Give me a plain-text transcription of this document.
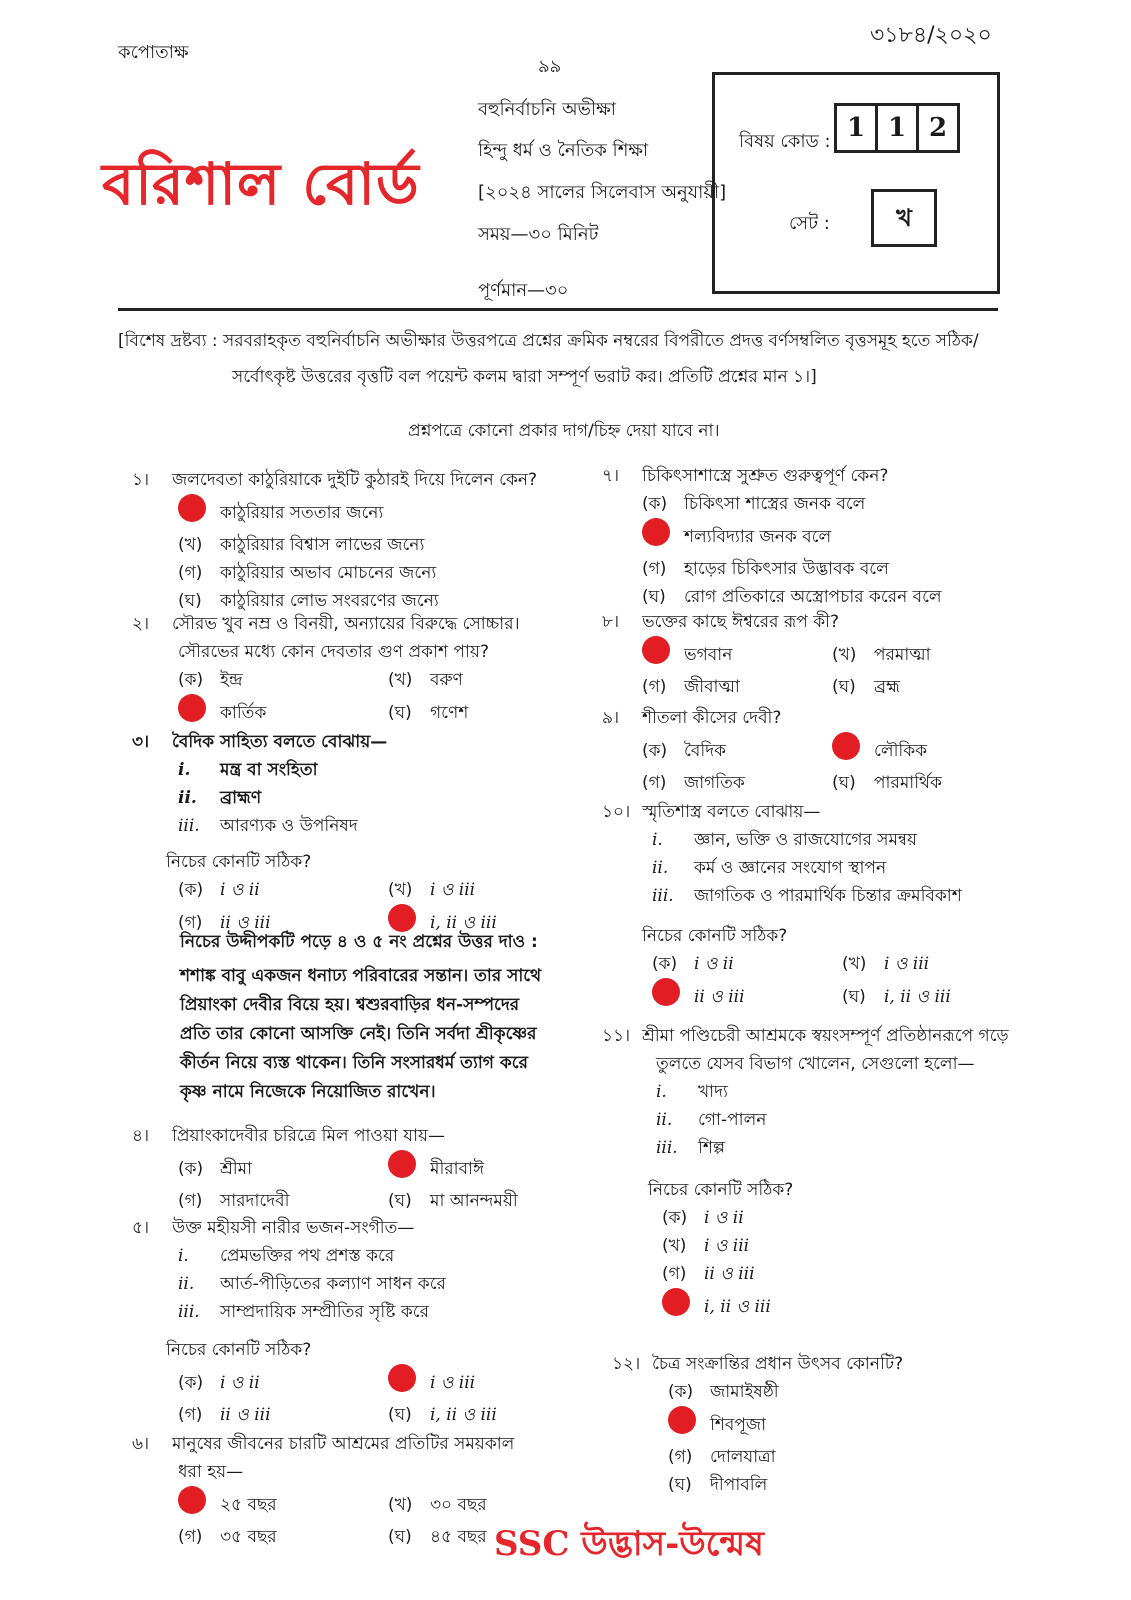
কপোতাক্ষ
৯৯
৩১৮৪/২০২০
বরিশাল বোর্ড
বহুনির্বাচনি অভীক্ষা
হিন্দু ধর্ম ও নৈতিক শিক্ষা
[২০২৪ সালের সিলেবাস অনুযায়ী]
সময়—৩০ মিনিট
পূর্ণমান—৩০
বিষয় কোড : 1 1 2
সেট :	খ
[বিশেষ দ্রষ্টব্য : সরবরাহকৃত বহুনির্বাচনি অভীক্ষার উত্তরপত্রে প্রশ্নের ক্রমিক নম্বরের বিপরীতে প্রদত্ত বর্ণসম্বলিত বৃত্তসমূহ হতে সঠিক/
সর্বোৎকৃষ্ট উত্তরের বৃত্তটি বল পয়েন্ট কলম দ্বারা সম্পূর্ণ ভরাট কর। প্রতিটি প্রশ্নের মান ১।]
প্রশ্নপত্রে কোনো প্রকার দাগ/চিহ্ন দেয়া যাবে না।
১। জলদেবতা কাঠুরিয়াকে দুইটি কুঠারই দিয়ে দিলেন কেন?
কাঠুরিয়ার সততার জন্যে
(খ) কাঠুরিয়ার বিশ্বাস লাভের জন্যে
(গ) কাঠুরিয়ার অভাব মোচনের জন্যে
(ঘ) কাঠুরিয়ার লোভ সংবরণের জন্যে
২। সৌরভ খুব নম্র ও বিনয়ী, অন্যায়ের বিরুদ্ধে সোচ্চার।
সৌরভের মধ্যে কোন দেবতার গুণ প্রকাশ পায়?
(ক) ইন্দ্র	(খ) বরুণ
কার্তিক	(ঘ) গণেশ
৩। বৈদিক সাহিত্য বলতে বোঝায়—
i. মন্ত্র বা সংহিতা
ii. ব্রাহ্মণ
iii. আরণ্যক ও উপনিষদ
নিচের কোনটি সঠিক?
(ক) i ও ii	(খ) i ও iii
(গ) ii ও iii	i, ii ও iii
নিচের উদ্দীপকটি পড়ে ৪ ও ৫ নং প্রশ্নের উত্তর দাও :
শশাঙ্ক বাবু একজন ধনাঢ্য পরিবারের সন্তান। তার সাথে
প্রিয়াংকা দেবীর বিয়ে হয়। শ্বশুরবাড়ির ধন-সম্পদের
প্রতি তার কোনো আসক্তি নেই। তিনি সর্বদা শ্রীকৃষ্ণের
কীর্তন নিয়ে ব্যস্ত থাকেন। তিনি সংসারধর্ম ত্যাগ করে
কৃষ্ণ নামে নিজেকে নিয়োজিত রাখেন।
৪। প্রিয়াংকাদেবীর চরিত্রে মিল পাওয়া যায়—
(ক) শ্রীমা	মীরাবাঈ
(গ) সারদাদেবী	(ঘ) মা আনন্দময়ী
৫। উক্ত মহীয়সী নারীর ভজন-সংগীত—
i. প্রেমভক্তির পথ প্রশস্ত করে
ii. আর্ত-পীড়িতের কল্যাণ সাধন করে
iii. সাম্প্রদায়িক সম্প্রীতির সৃষ্টি করে
নিচের কোনটি সঠিক?
(ক) i ও ii	i ও iii
(গ) ii ও iii	(ঘ) i, ii ও iii
৬। মানুষের জীবনের চারটি আশ্রমের প্রতিটির সময়কাল
ধরা হয়—
২৫ বছর	(খ) ৩০ বছর
(গ) ৩৫ বছর	(ঘ) ৪৫ বছর
৭। চিকিৎসাশাস্ত্রে সুশ্রুত গুরুত্বপূর্ণ কেন?
(ক) চিকিৎসা শাস্ত্রের জনক বলে
শল্যবিদ্যার জনক বলে
(গ) হাড়ের চিকিৎসার উদ্ভাবক বলে
(ঘ) রোগ প্রতিকারে অস্ত্রোপচার করেন বলে
৮। ভক্তের কাছে ঈশ্বরের রূপ কী?
ভগবান	(খ) পরমাত্মা
(গ) জীবাত্মা	(ঘ) ব্রহ্ম
৯। শীতলা কীসের দেবী?
(ক) বৈদিক	লৌকিক
(গ) জাগতিক	(ঘ) পারমার্থিক
১০। স্মৃতিশাস্ত্র বলতে বোঝায়—
i. জ্ঞান, ভক্তি ও রাজযোগের সমন্বয়
ii. কর্ম ও জ্ঞানের সংযোগ স্থাপন
iii. জাগতিক ও পারমার্থিক চিন্তার ক্রমবিকাশ
নিচের কোনটি সঠিক?
(ক) i ও ii	(খ) i ও iii
ii ও iii	(ঘ) i, ii ও iii
১১। শ্রীমা পণ্ডিচেরী আশ্রমকে স্বয়ংসম্পূর্ণ প্রতিষ্ঠানরূপে গড়ে
তুলতে যেসব বিভাগ খোলেন, সেগুলো হলো—
i. খাদ্য
ii. গো-পালন
iii. শিল্প
নিচের কোনটি সঠিক?
(ক) i ও ii
(খ) i ও iii
(গ) ii ও iii
i, ii ও iii
১২। চৈত্র সংক্রান্তির প্রধান উৎসব কোনটি?
(ক) জামাইষষ্ঠী
শিবপূজা
(গ) দোলযাত্রা
(ঘ) দীপাবলি
SSC উদ্ভাস-উন্মেষ
